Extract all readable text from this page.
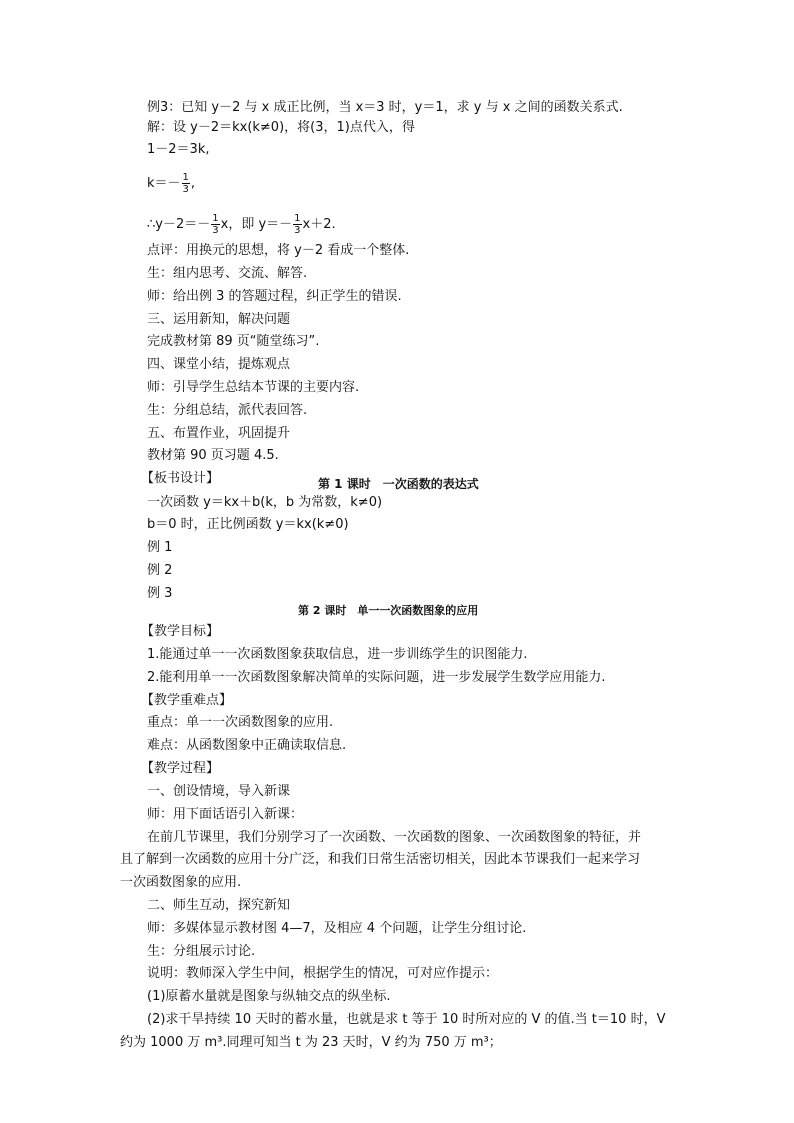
例3：已知 y－2 与 x 成正比例，当 x＝3 时，y＝1，求 y 与 x 之间的函数关系式.
解：设 y－2＝kx(k≠0)，将(3，1)点代入，得
1－2＝3k,
$k=- \frac{1}{3}$ ,
∴y－2＝－ $\frac{1}{3}$ x，即 $y=- \frac{1}{3} x+2$.
点评：用换元的思想，将 y－2 看成一个整体.
生：组内思考、交流、解答.
师：给出例 3 的答题过程，纠正学生的错误.
三、运用新知，解决问题
完成教材第 89 页“随堂练习”.
四、课堂小结，提炼观点
师：引导学生总结本节课的主要内容.
生：分组总结，派代表回答.
五、布置作业，巩固提升
教材第 90 页习题 4.5.
【板书设计】	第 1 课时　一次函数的表达式
一次函数 y＝kx＋b(k，b 为常数，k≠0)
b＝0 时，正比例函数 y＝kx(k≠0)
例 1
例 2
例 3
第 2 课时　单一一次函数图象的应用
【教学目标】
1.能通过单一一次函数图象获取信息，进一步训练学生的识图能力.
2.能利用单一一次函数图象解决简单的实际问题，进一步发展学生数学应用能力.
【教学重难点】
重点：单一一次函数图象的应用.
难点：从函数图象中正确读取信息.
【教学过程】
一、创设情境，导入新课
师：用下面话语引入新课：
在前几节课里，我们分别学习了一次函数、一次函数的图象、一次函数图象的特征，并
且了解到一次函数的应用十分广泛，和我们日常生活密切相关，因此本节课我们一起来学习
一次函数图象的应用.
二、师生互动，探究新知
师：多媒体显示教材图 4—7，及相应 4 个问题，让学生分组讨论.
生：分组展示讨论.
说明：教师深入学生中间，根据学生的情况，可对应作提示：
(1)原蓄水量就是图象与纵轴交点的纵坐标.
(2)求干旱持续 10 天时的蓄水量，也就是求 t 等于 10 时所对应的 V 的值.当 t＝10 时，V
约为 1000 万 m³.同理可知当 t 为 23 天时，V 约为 750 万 m³；
